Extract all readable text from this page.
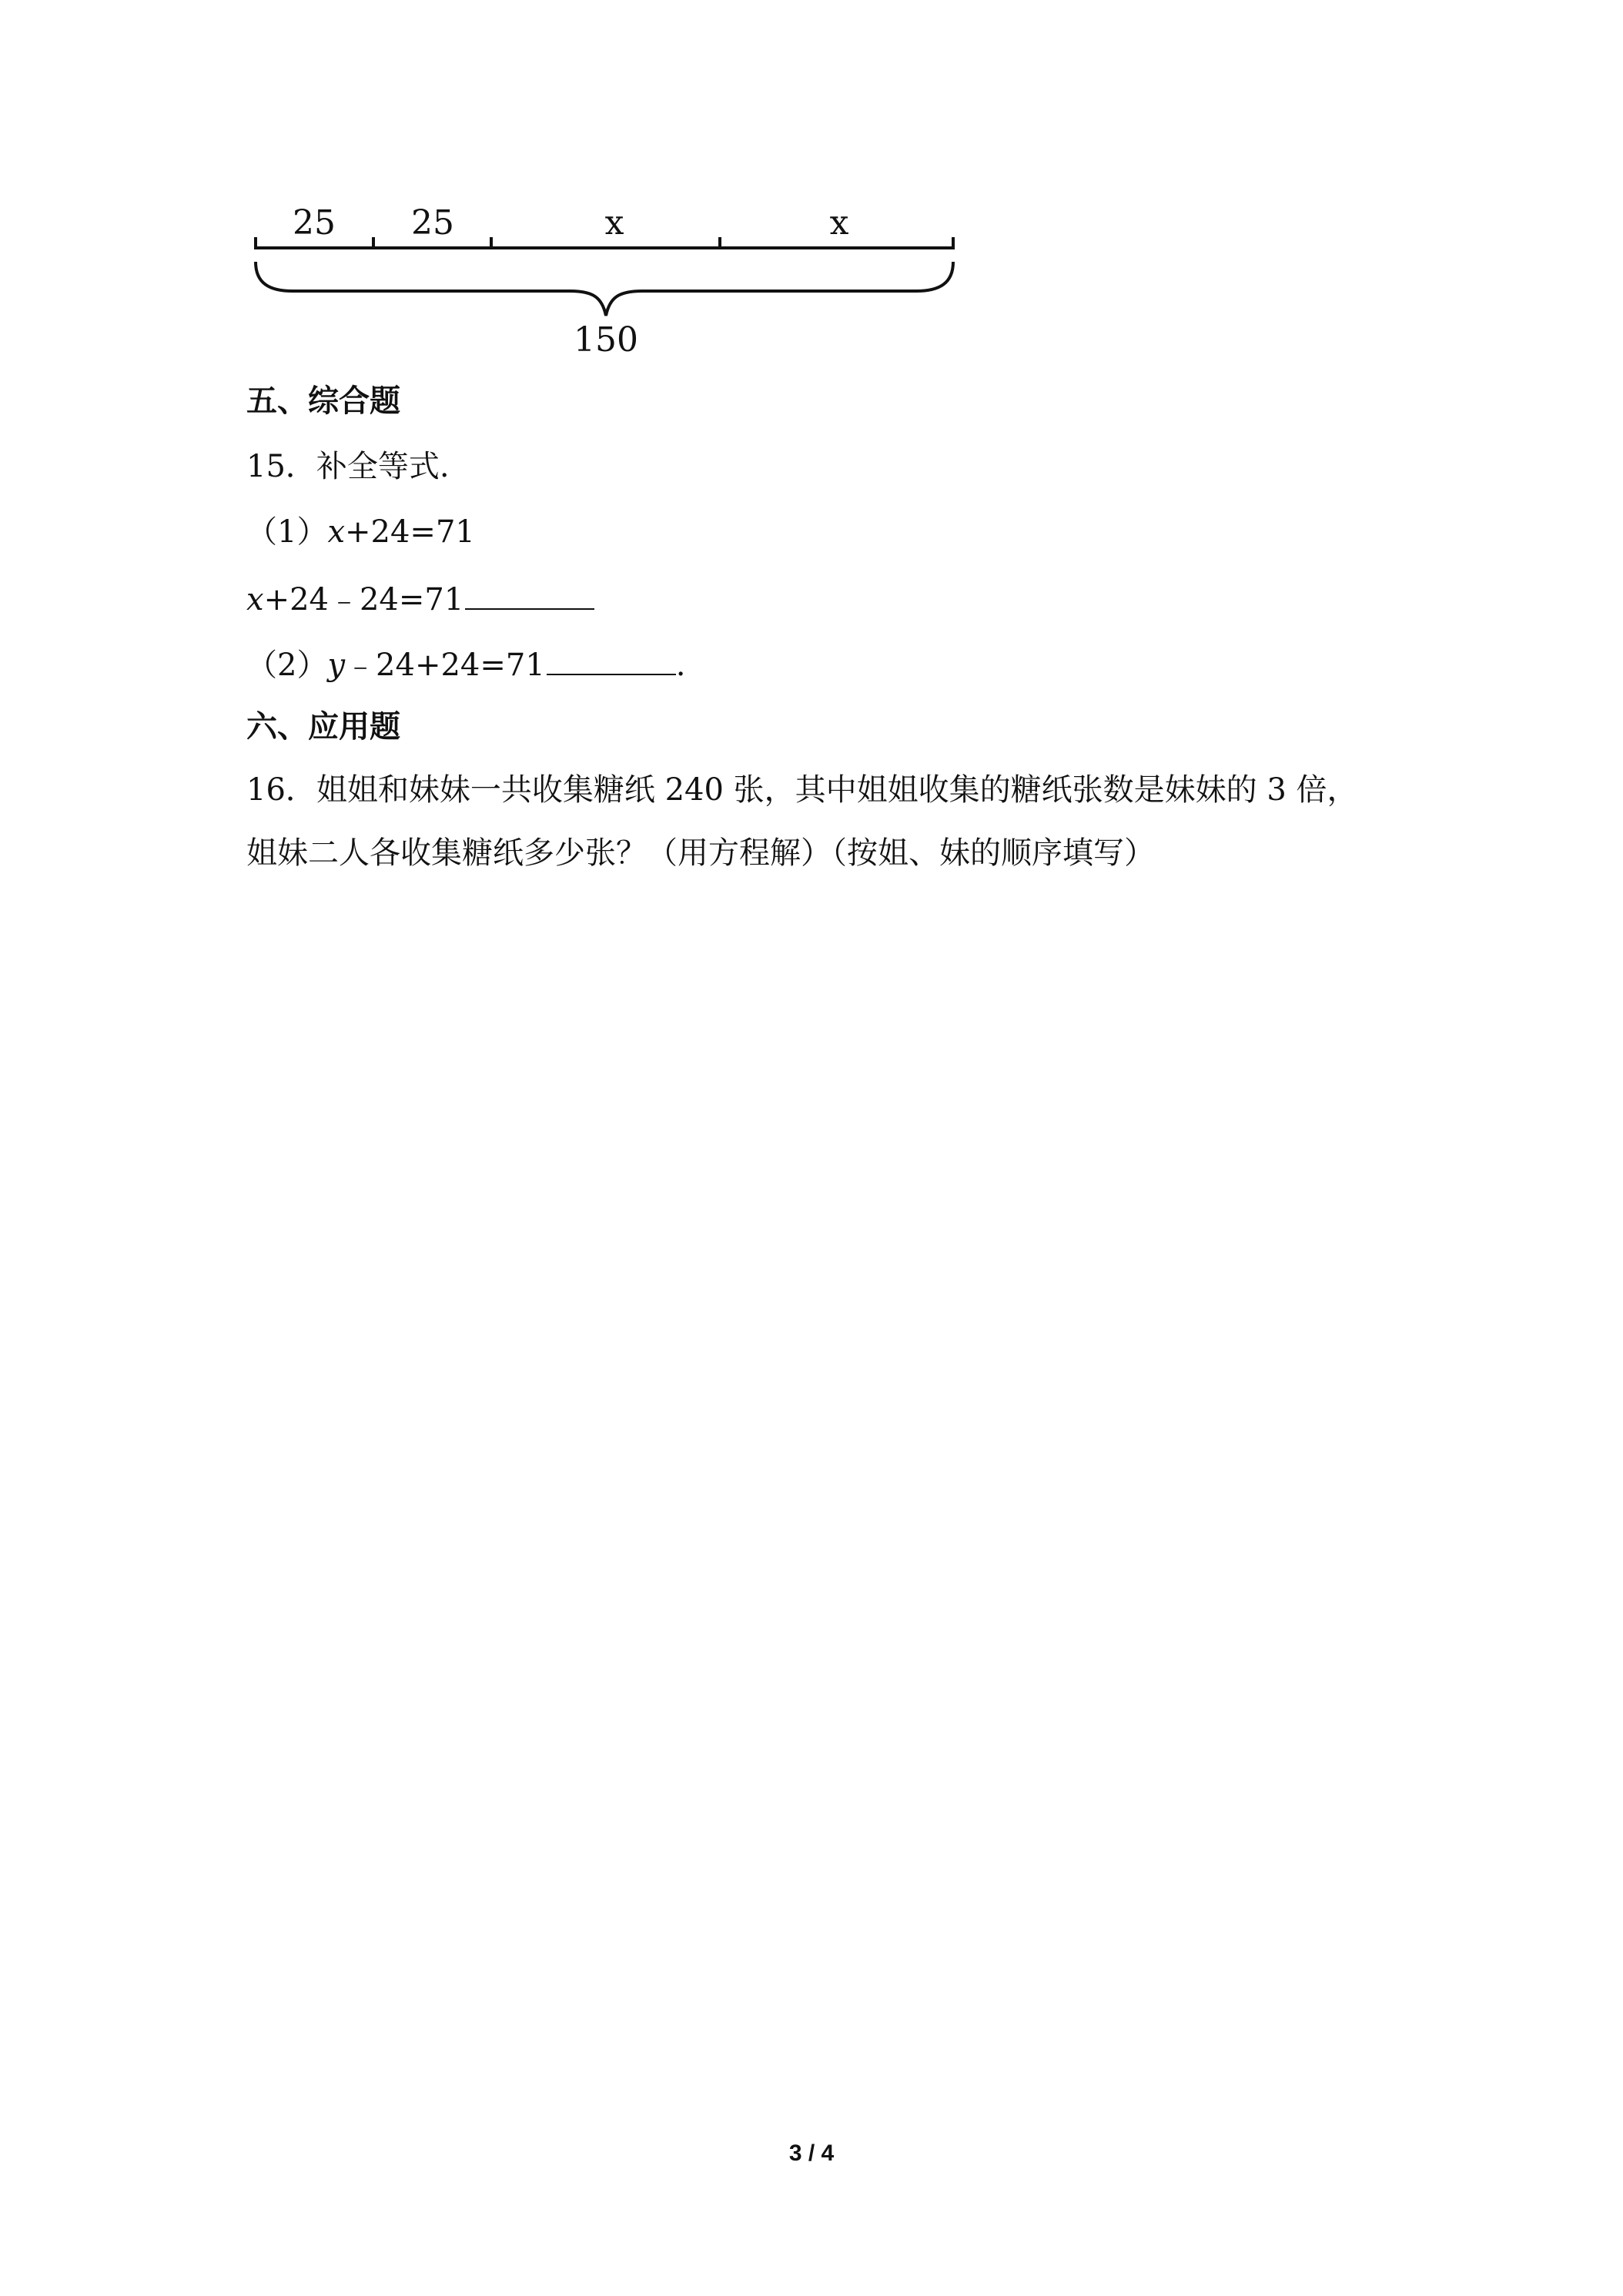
25 25	x	x
150
五、综合题
15．补全等式.
（1）x+24=71
x+24﹣24=71
（2）y﹣24+24=71	.
六、应用题
16．姐姐和妹妹一共收集糖纸 240 张，其中姐姐收集的糖纸张数是妹妹的 3 倍，
姐妹二人各收集糖纸多少张？（用方程解）（按姐、妹的顺序填写）
3 / 4
